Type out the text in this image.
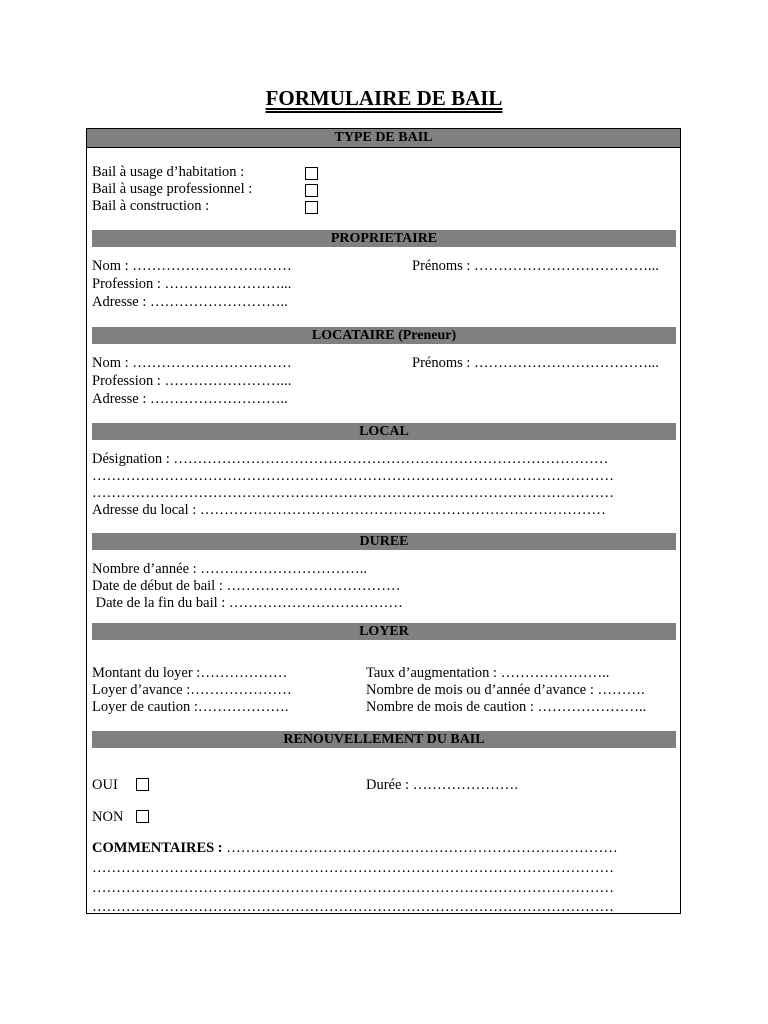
FORMULAIRE DE BAIL
TYPE DE BAIL
Bail à usage d’habitation :
Bail à usage professionnel :
Bail à construction :
PROPRIETAIRE
Nom : ……………………………	Prénoms : ………………………………...
Profession : ……………………...
Adresse : ………………………..
LOCATAIRE (Preneur)
Nom : ……………………………	Prénoms : ………………………………...
Profession : ……………………...
Adresse : ………………………..
LOCAL
Désignation : ………………………………………………………………………………
………………………………………………………………………………………………
………………………………………………………………………………………………
Adresse du local : …………………………………………………………………………
DUREE
Nombre d’année : ……………………………..
Date de début de bail : ………………………………
Date de la fin du bail : ………………………………
LOYER
Montant du loyer :………………	Taux d’augmentation : …………………..
Loyer d’avance :…………………	Nombre de mois ou d’année d’avance : ……….
Loyer de caution :……………….	Nombre de mois de caution : …………………..
RENOUVELLEMENT DU BAIL
OUI	Durée : ………………….
NON
COMMENTAIRES : ………………………………………………………………………
………………………………………………………………………………………………
………………………………………………………………………………………………
………………………………………………………………………………………………
